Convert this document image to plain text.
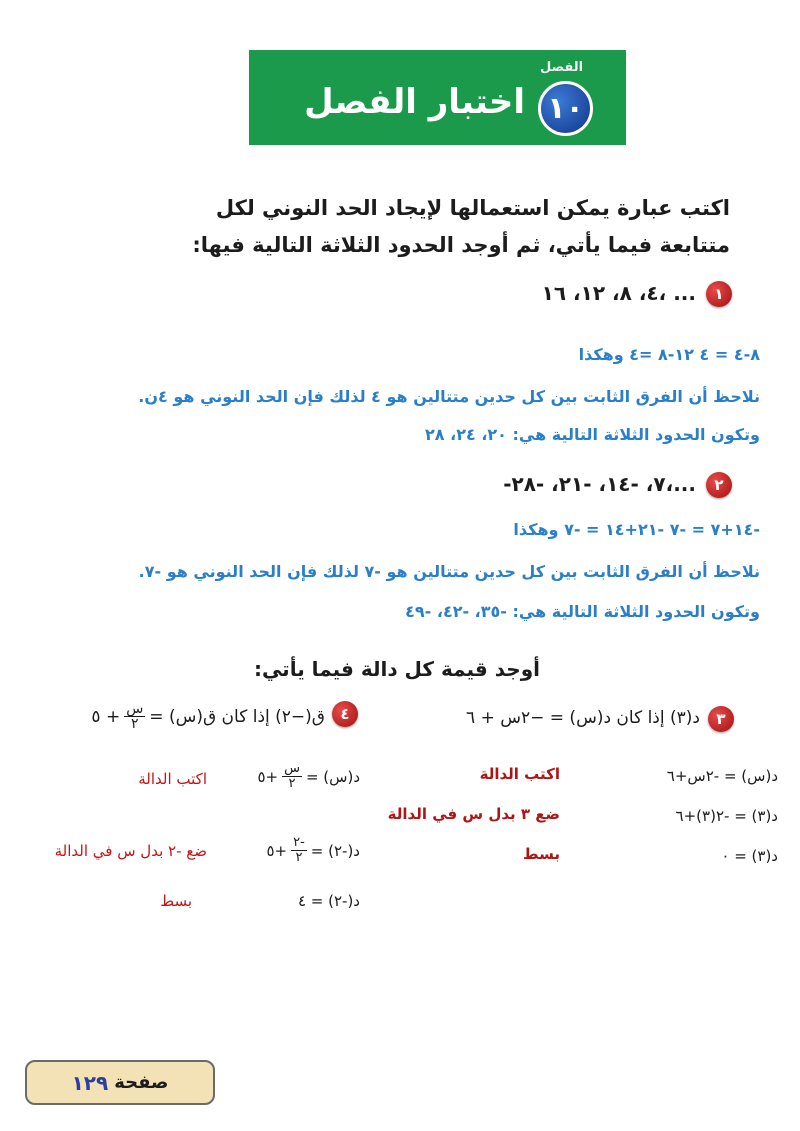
الفصل
١٠
اختبار الفصل
اكتب عبارة يمكن استعمالها لإيجاد الحد النوني لكل
متتابعة فيما يأتي، ثم أوجد الحدود الثلاثة التالية فيها:
١
٤، ٨، ١٢، ١٦، ...
٨-٤ = ٤ ١٢-٨ =٤ وهكذا
نلاحظ أن الفرق الثابت بين كل حدين متتالين هو ٤ لذلك فإن الحد النوني هو ٤ن.
وتكون الحدود الثلاثة التالية هي: ٢٠، ٢٤، ٢٨
٢
-٧، -١٤، -٢١، -٢٨،...
-١٤+٧ = -٧ -٢١+١٤ = -٧ وهكذا
نلاحظ أن الفرق الثابت بين كل حدين متتالين هو -٧ لذلك فإن الحد النوني هو -٧.
وتكون الحدود الثلاثة التالية هي: -٣٥، -٤٢، -٤٩
أوجد قيمة كل دالة فيما يأتي:
٣
د(٣) إذا كان د(س) = −٢س + ٦
د(س) = -٢س+٦
اكتب الدالة
د(٣) = -٢(٣)+٦
ضع ٣ بدل س في الدالة
د(٣) = ٠
بسط
٤
ق(−٢) إذا كان ق(س) =
س
٢
+ ٥
د(س) =
س
٢
+٥
اكتب الدالة
د(-٢) =
-٢
٢
+٥
ضع -٢ بدل س في الدالة
د(-٢) = ٤
بسط
صفحة
١٢٩
